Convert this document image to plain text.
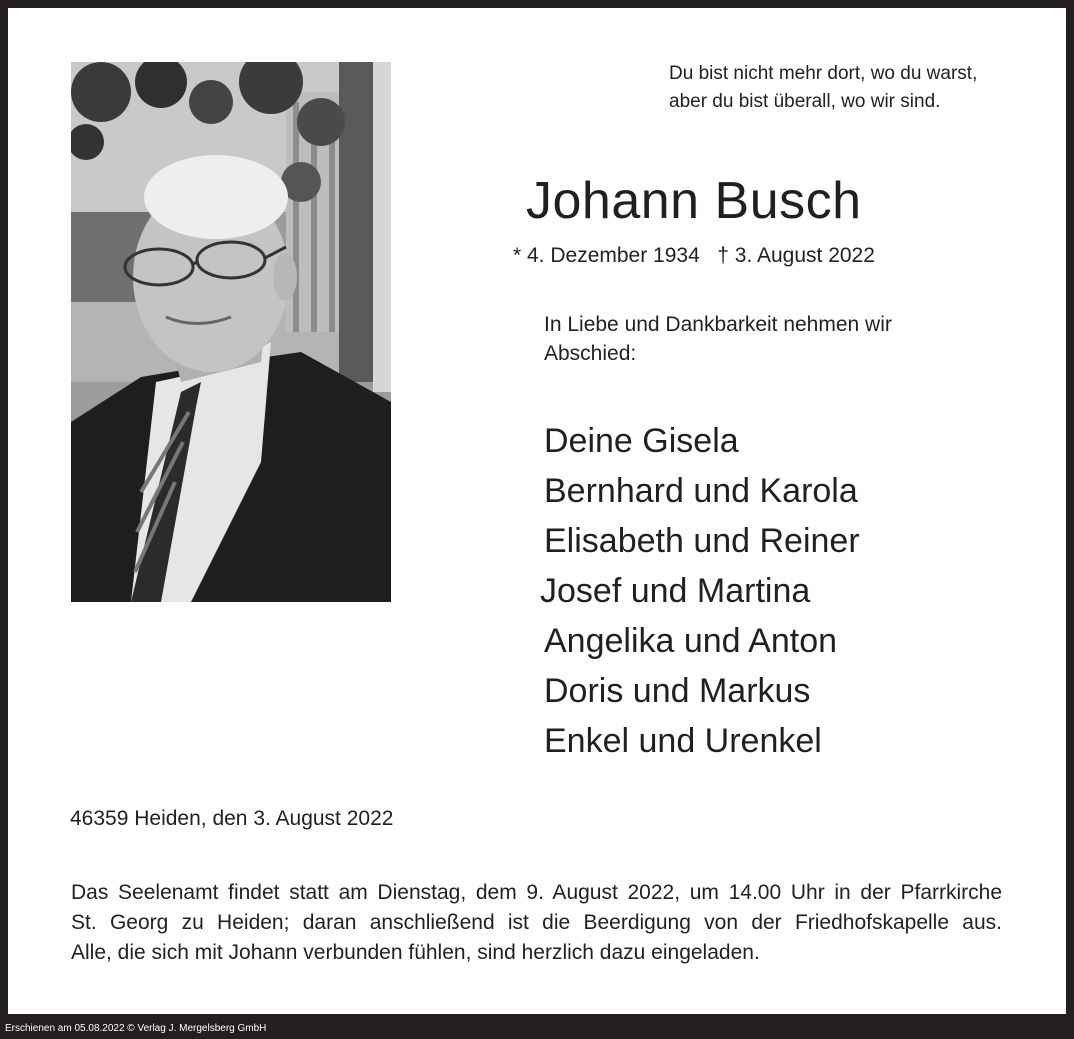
Du bist nicht mehr dort, wo du warst,
aber du bist überall, wo wir sind.
Johann Busch
* 4. Dezember 1934   † 3. August 2022
In Liebe und Dankbarkeit nehmen wir
Abschied:
Deine Gisela
Bernhard und Karola
Elisabeth und Reiner
Josef und Martina
Angelika und Anton
Doris und Markus
Enkel und Urenkel
46359 Heiden, den 3. August 2022
Das Seelenamt findet statt am Dienstag, dem 9. August 2022, um 14.00 Uhr in der Pfarrkirche
St. Georg zu Heiden; daran anschließend ist die Beerdigung von der Friedhofskapelle aus.
Alle, die sich mit Johann verbunden fühlen, sind herzlich dazu eingeladen.
Erschienen am 05.08.2022 © Verlag J. Mergelsberg GmbH
